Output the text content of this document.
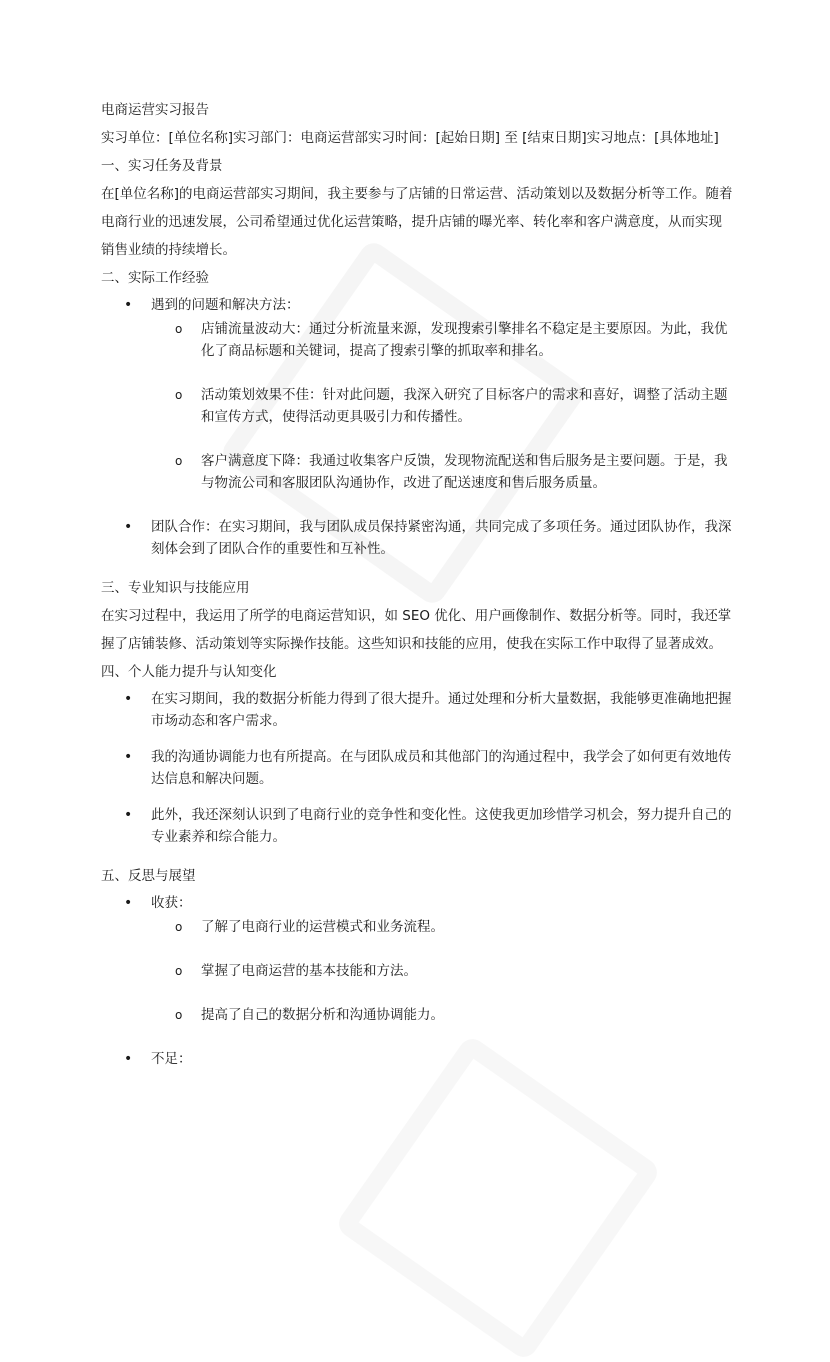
电商运营实习报告

实习单位：[单位名称]实习部门：电商运营部实习时间：[起始日期] 至 [结束日期]实习地点：[具体地址]

一、实习任务及背景

在[单位名称]的电商运营部实习期间，我主要参与了店铺的日常运营、活动策划以及数据分析等工作。随着电商行业的迅速发展，公司希望通过优化运营策略，提升店铺的曝光率、转化率和客户满意度，从而实现销售业绩的持续增长。

二、实际工作经验

• 遇到的问题和解决方法：
o 店铺流量波动大：通过分析流量来源，发现搜索引擎排名不稳定是主要原因。为此，我优化了商品标题和关键词，提高了搜索引擎的抓取率和排名。
o 活动策划效果不佳：针对此问题，我深入研究了目标客户的需求和喜好，调整了活动主题和宣传方式，使得活动更具吸引力和传播性。
o 客户满意度下降：我通过收集客户反馈，发现物流配送和售后服务是主要问题。于是，我与物流公司和客服团队沟通协作，改进了配送速度和售后服务质量。
• 团队合作：在实习期间，我与团队成员保持紧密沟通，共同完成了多项任务。通过团队协作，我深刻体会到了团队合作的重要性和互补性。

三、专业知识与技能应用

在实习过程中，我运用了所学的电商运营知识，如 SEO 优化、用户画像制作、数据分析等。同时，我还掌握了店铺装修、活动策划等实际操作技能。这些知识和技能的应用，使我在实际工作中取得了显著成效。

四、个人能力提升与认知变化

• 在实习期间，我的数据分析能力得到了很大提升。通过处理和分析大量数据，我能够更准确地把握市场动态和客户需求。
• 我的沟通协调能力也有所提高。在与团队成员和其他部门的沟通过程中，我学会了如何更有效地传达信息和解决问题。
• 此外，我还深刻认识到了电商行业的竞争性和变化性。这使我更加珍惜学习机会，努力提升自己的专业素养和综合能力。

五、反思与展望

• 收获：
o 了解了电商行业的运营模式和业务流程。
o 掌握了电商运营的基本技能和方法。
o 提高了自己的数据分析和沟通协调能力。
• 不足：
